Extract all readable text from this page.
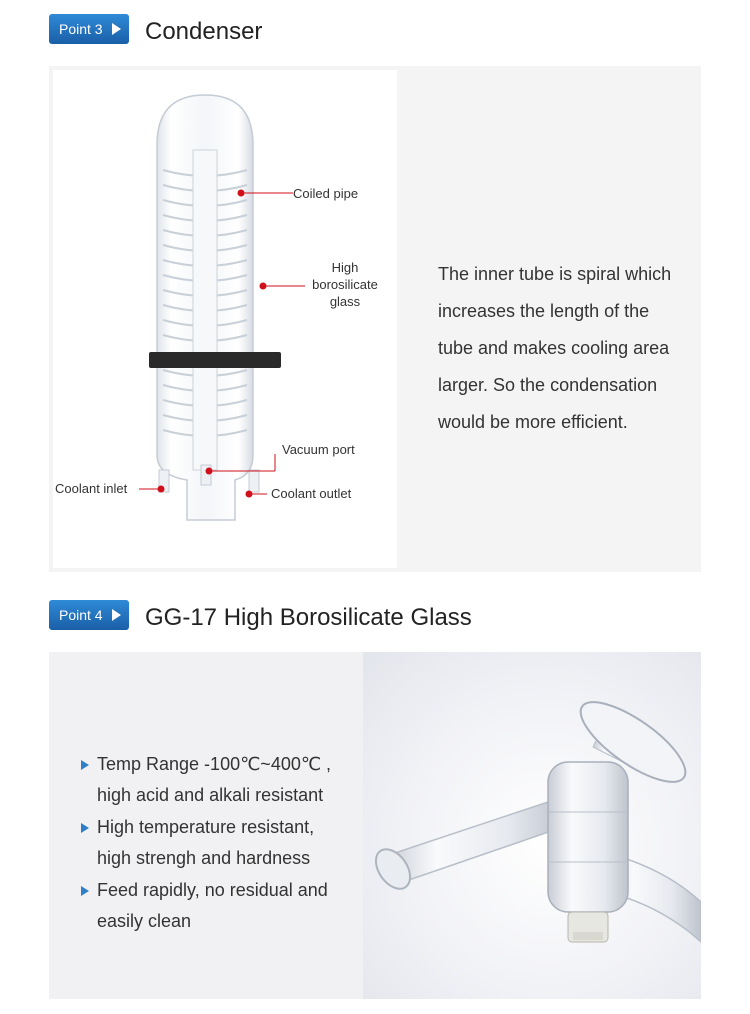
Point 3	Condenser
Coiled pipe
High
borosilicate
glass
Vacuum port
Coolant inlet	Coolant outlet
The inner tube is spiral which
increases the length of the
tube and makes cooling area
larger. So the condensation
would be more efficient.
Point 4	GG-17 High Borosilicate Glass
Temp Range -100℃~400℃ ,
high acid and alkali resistant
High temperature resistant,
high strengh and hardness
Feed rapidly, no residual and
easily clean
